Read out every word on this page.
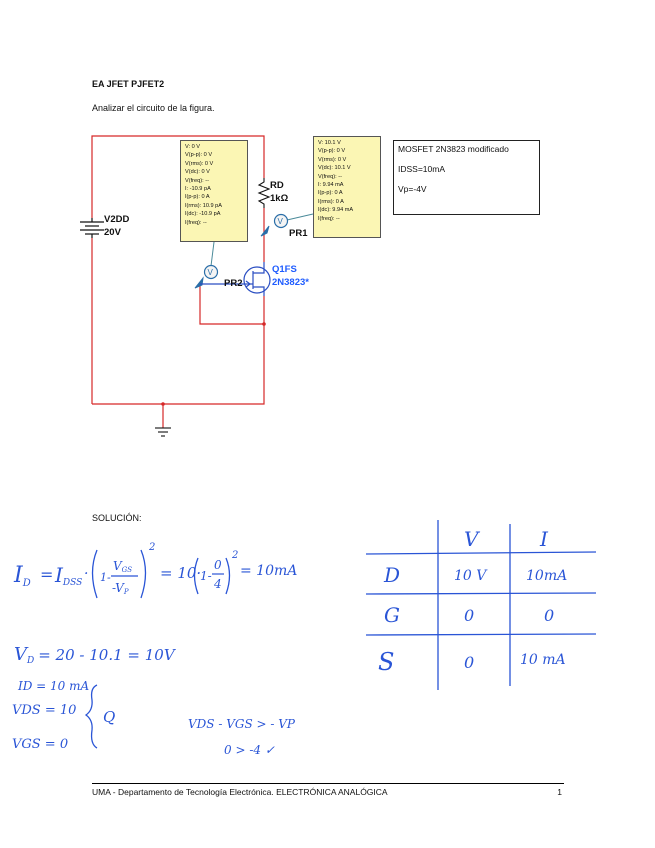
EA JFET PJFET2
Analizar el circuito de la figura.
V
V
V2DD
20V
RD
1kΩ
PR1
PR2
Q1FS
2N3823*
V: 0 V
V(p-p): 0 V
V(rms): 0 V
V(dc): 0 V
V(freq): --
I: -10.9 pA
I(p-p): 0 A
I(rms): 10.9 pA
I(dc): -10.9 pA
I(freq): --
V: 10.1 V
V(p-p): 0 V
V(rms): 0 V
V(dc): 10.1 V
V(freq): --
I: 9.94 mA
I(p-p): 0 A
I(rms): 0 A
I(dc): 9.94 mA
I(freq): --
MOSFET 2N3823 modificado
IDSS=10mA
Vp=-4V
SOLUCIÓN:
ID = IDSS
· 1-
VGS
-VP
2
= 10·
1-
0
4
2
= 10mA
VD = 20 - 10.1 = 10V
ID = 10 mA
VDS = 10
VGS = 0
Q	VDS - VGS > - VP
0 > -4 ✓
V	I
D	10 V	10mA
G	0	0
S	0	10 mA
UMA - Departamento de Tecnología Electrónica. ELECTRÓNICA ANALÓGICA	1
